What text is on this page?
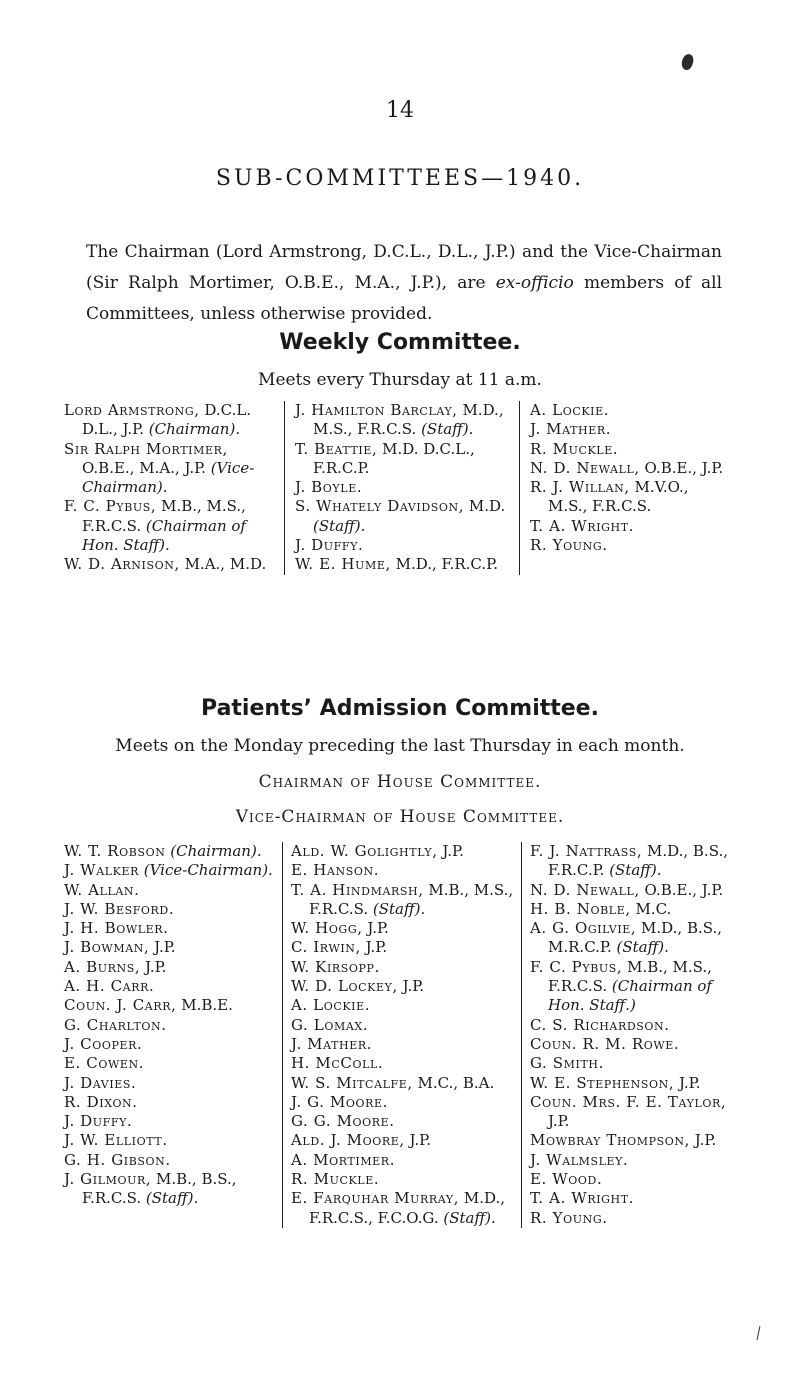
14
SUB-COMMITTEES—1940.
The Chairman (Lord Armstrong, D.C.L., D.L., J.P.) and the Vice-Chairman (Sir Ralph Mortimer, O.B.E., M.A., J.P.), are ex-officio members of all Committees, unless otherwise provided.
Weekly Committee.
Meets every Thursday at 11 a.m.
Lord Armstrong, D.C.L. D.L., J.P. (Chairman).
Sir Ralph Mortimer, O.B.E., M.A., J.P. (Vice-Chairman).
F. C. Pybus, M.B., M.S., F.R.C.S. (Chairman of Hon. Staff).
W. D. Arnison, M.A., M.D.
J. Hamilton Barclay, M.D., M.S., F.R.C.S. (Staff).
T. Beattie, M.D. D.C.L., F.R.C.P.
J. Boyle.
S. Whately Davidson, M.D. (Staff).
J. Duffy.
W. E. Hume, M.D., F.R.C.P.
A. Lockie.
J. Mather.
R. Muckle.
N. D. Newall, O.B.E., J.P.
R. J. Willan, M.V.O., M.S., F.R.C.S.
T. A. Wright.
R. Young.
Patients’ Admission Committee.
Meets on the Monday preceding the last Thursday in each month.
Chairman of House Committee.
Vice-Chairman of House Committee.
W. T. Robson (Chairman).
J. Walker (Vice-Chairman).
W. Allan.
J. W. Besford.
J. H. Bowler.
J. Bowman, J.P.
A. Burns, J.P.
A. H. Carr.
Coun. J. Carr, M.B.E.
G. Charlton.
J. Cooper.
E. Cowen.
J. Davies.
R. Dixon.
J. Duffy.
J. W. Elliott.
G. H. Gibson.
J. Gilmour, M.B., B.S., F.R.C.S. (Staff).
Ald. W. Golightly, J.P.
E. Hanson.
T. A. Hindmarsh, M.B., M.S., F.R.C.S. (Staff).
W. Hogg, J.P.
C. Irwin, J.P.
W. Kirsopp.
W. D. Lockey, J.P.
A. Lockie.
G. Lomax.
J. Mather.
H. McColl.
W. S. Mitcalfe, M.C., B.A.
J. G. Moore.
G. G. Moore.
Ald. J. Moore, J.P.
A. Mortimer.
R. Muckle.
E. Farquhar Murray, M.D., F.R.C.S., F.C.O.G. (Staff).
F. J. Nattrass, M.D., B.S., F.R.C.P. (Staff).
N. D. Newall, O.B.E., J.P.
H. B. Noble, M.C.
A. G. Ogilvie, M.D., B.S., M.R.C.P. (Staff).
F. C. Pybus, M.B., M.S., F.R.C.S. (Chairman of Hon. Staff.)
C. S. Richardson.
Coun. R. M. Rowe.
G. Smith.
W. E. Stephenson, J.P.
Coun. Mrs. F. E. Taylor, J.P.
Mowbray Thompson, J.P.
J. Walmsley.
E. Wood.
T. A. Wright.
R. Young.
